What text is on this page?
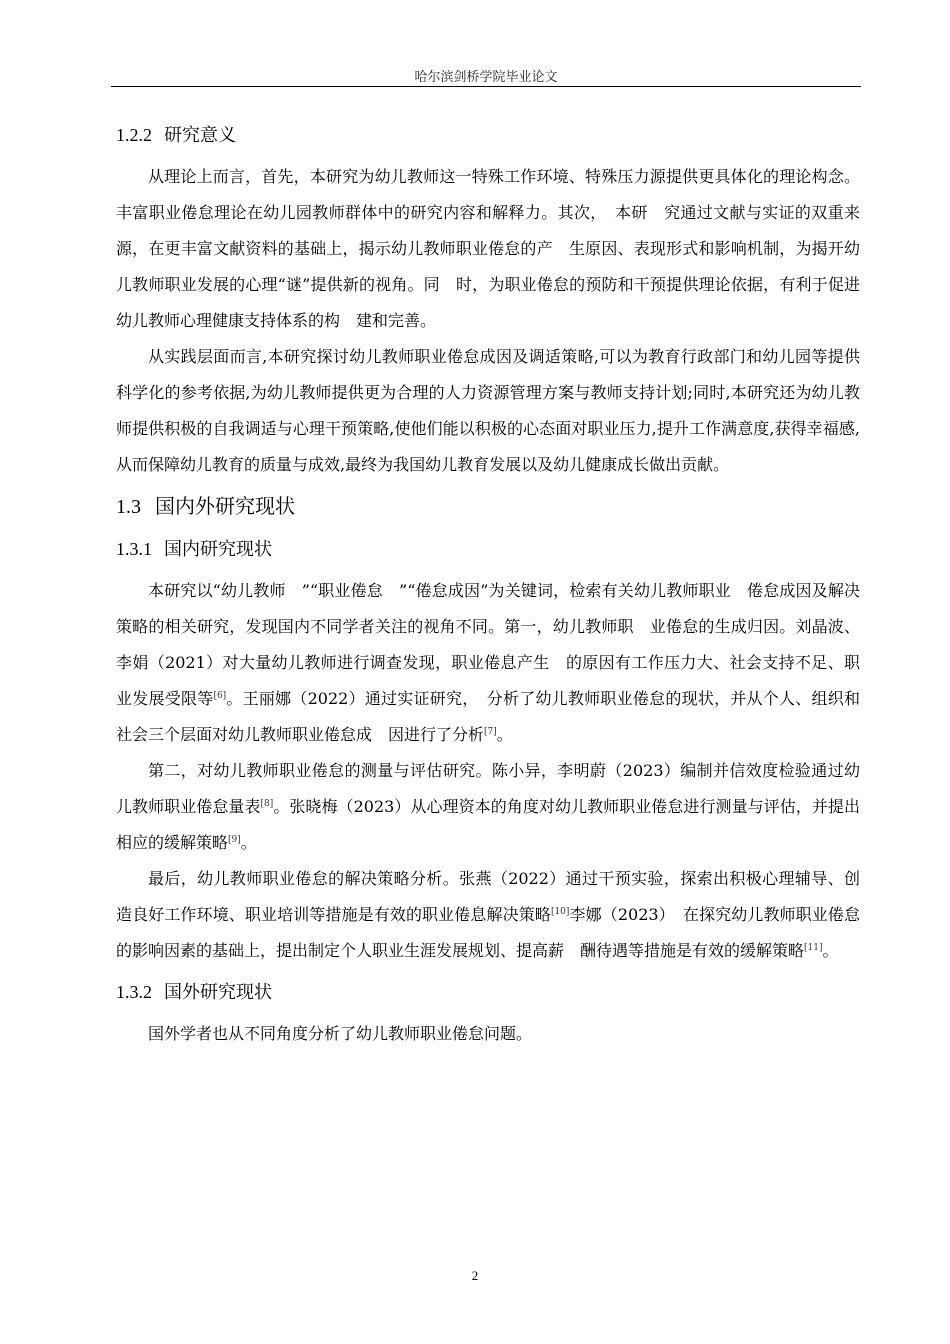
哈尔滨剑桥学院毕业论文
1.2.2 研究意义

从理论上而言，首先，本研究为幼儿教师这一特殊工作环境、特殊压力源提供更具体化的理论构念。丰富职业倦怠理论在幼儿园教师群体中的研究内容和解释力。其次，　本研　究通过文献与实证的双重来源，在更丰富文献资料的基础上，揭示幼儿教师职业倦怠的产　生原因、表现形式和影响机制，为揭开幼儿教师职业发展的心理“谜”提供新的视角。同　时，为职业倦怠的预防和干预提供理论依据，有利于促进幼儿教师心理健康支持体系的构　建和完善。

从实践层面而言,本研究探讨幼儿教师职业倦怠成因及调适策略,可以为教育行政部门和幼儿园等提供科学化的参考依据,为幼儿教师提供更为合理的人力资源管理方案与教师支持计划;同时,本研究还为幼儿教师提供积极的自我调适与心理干预策略,使他们能以积极的心态面对职业压力,提升工作满意度,获得幸福感,从而保障幼儿教育的质量与成效,最终为我国幼儿教育发展以及幼儿健康成长做出贡献。

1.3 国内外研究现状
1.3.1 国内研究现状

本研究以“幼儿教师　”“职业倦怠　”“倦怠成因”为关键词，检索有关幼儿教师职业　倦怠成因及解决策略的相关研究，发现国内不同学者关注的视角不同。第一，幼儿教师职　业倦怠的生成归因。刘晶波、李娟（2021）对大量幼儿教师进行调查发现，职业倦息产生　的原因有工作压力大、社会支持不足、职业发展受限等[6]。王丽娜（2022）通过实证研究，　分析了幼儿教师职业倦怠的现状，并从个人、组织和社会三个层面对幼儿教师职业倦怠成　因进行了分析[7]。

第二，对幼儿教师职业倦怠的测量与评估研究。陈小异，李明蔚（2023）编制并信效度检验通过幼儿教师职业倦怠量表[8]。张晓梅（2023）从心理资本的角度对幼儿教师职业倦怠进行测量与评估，并提出相应的缓解策略[9]。

最后，幼儿教师职业倦怠的解决策略分析。张燕（2022）通过干预实验，探索出积极心理辅导、创造良好工作环境、职业培训等措施是有效的职业倦息解决策略[10]李娜（2023）　在探究幼儿教师职业倦怠的影响因素的基础上，提出制定个人职业生涯发展规划、提高薪　酬待遇等措施是有效的缓解策略[11]。

1.3.2 国外研究现状

国外学者也从不同角度分析了幼儿教师职业倦怠问题。

2
